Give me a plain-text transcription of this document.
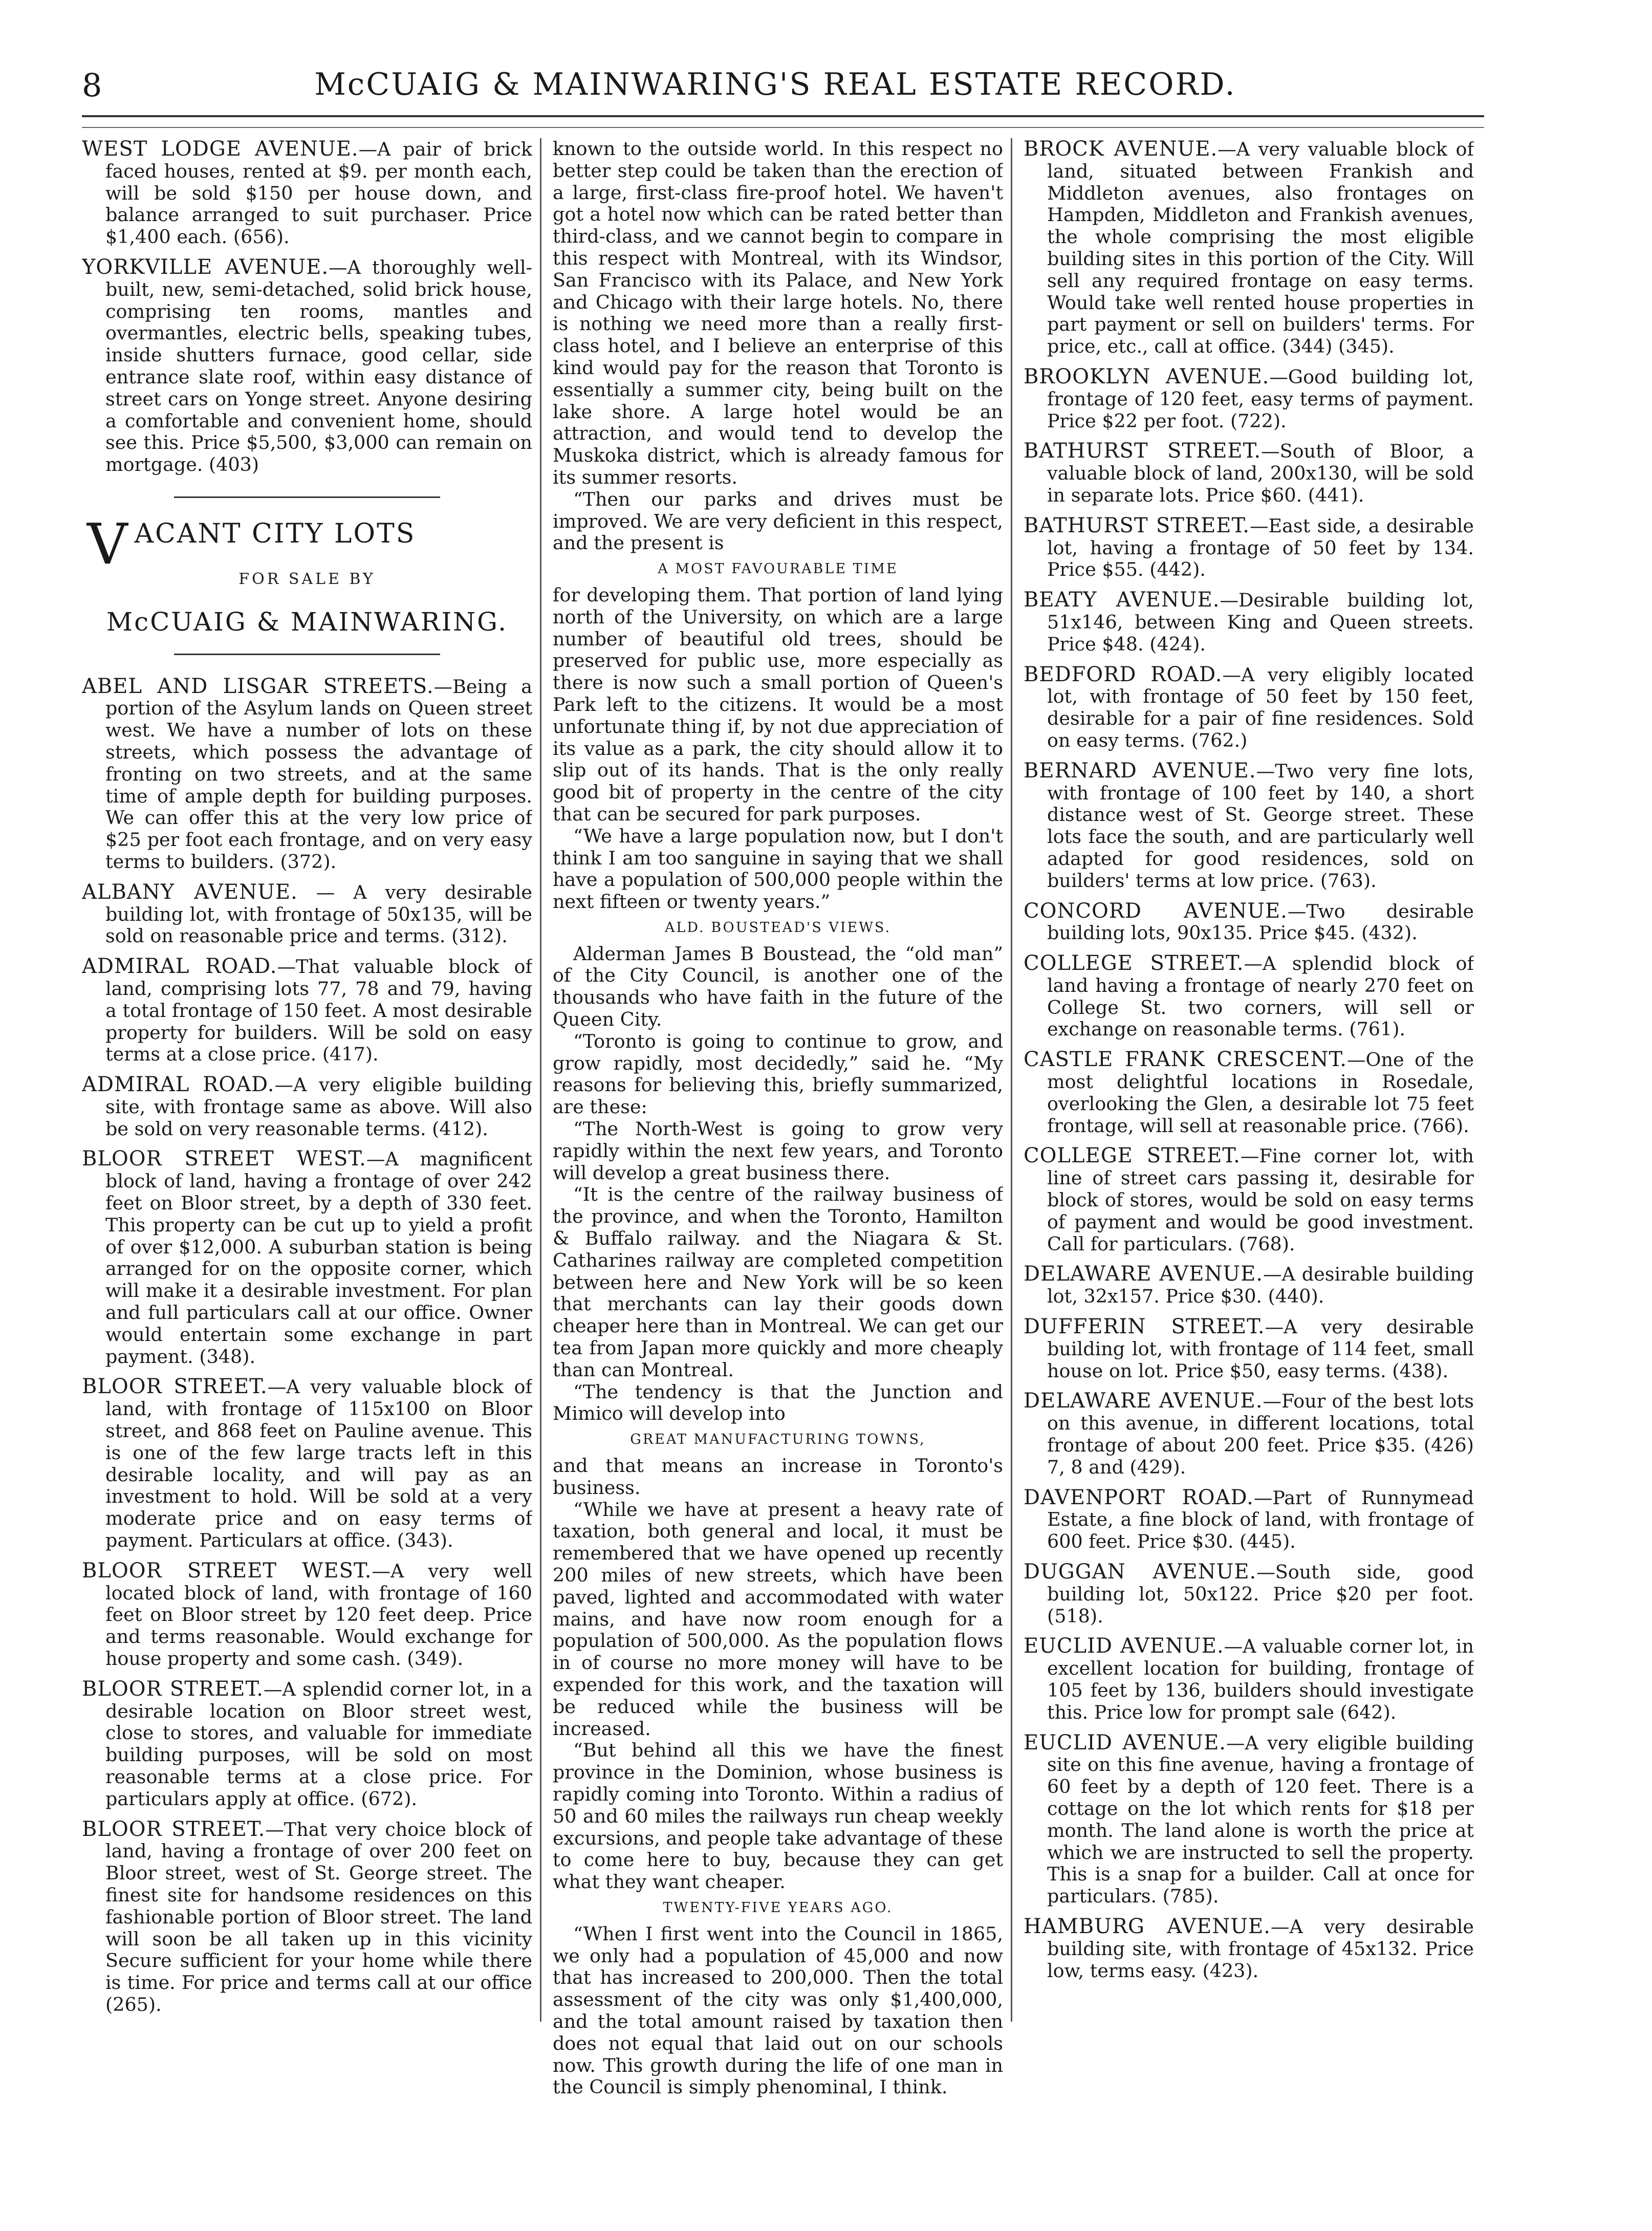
8	McCUAIG & MAINWARING'S REAL ESTATE RECORD.
WEST LODGE AVENUE.—A pair of brick faced houses, rented at $9. per month each, will be sold $150 per house down, and balance arranged to suit purchaser. Price $1,400 each. (656).
YORKVILLE AVENUE.—A thoroughly well-built, new, semi-detached, solid brick house, comprising ten rooms, mantles and overmantles, electric bells, speaking tubes, inside shutters furnace, good cellar, side entrance slate roof, within easy distance of street cars on Yonge street. Anyone desiring a comfortable and convenient home, should see this. Price $5,500, $3,000 can remain on mortgage. (403)
VACANT CITY LOTS
FOR SALE BY
McCUAIG & MAINWARING.
ABEL AND LISGAR STREETS.—Being a portion of the Asylum lands on Queen street west. We have a number of lots on these streets, which possess the advantage of fronting on two streets, and at the same time of ample depth for building purposes. We can offer this at the very low price of $25 per foot each frontage, and on very easy terms to builders. (372).
ALBANY AVENUE. — A very desirable building lot, with frontage of 50x135, will be sold on reasonable price and terms. (312).
ADMIRAL ROAD.—That valuable block of land, comprising lots 77, 78 and 79, having a total frontage of 150 feet. A most desirable property for builders. Will be sold on easy terms at a close price. (417).
ADMIRAL ROAD.—A very eligible building site, with frontage same as above. Will also be sold on very reasonable terms. (412).
BLOOR STREET WEST.—A magnificent block of land, having a frontage of over 242 feet on Bloor street, by a depth of 330 feet. This property can be cut up to yield a profit of over $12,000. A suburban station is being arranged for on the opposite corner, which will make it a desirable investment. For plan and full particulars call at our office. Owner would entertain some exchange in part payment. (348).
BLOOR STREET.—A very valuable block of land, with frontage of 115x100 on Bloor street, and 868 feet on Pauline avenue. This is one of the few large tracts left in this desirable locality, and will pay as an investment to hold. Will be sold at a very moderate price and on easy terms of payment. Particulars at office. (343).
BLOOR STREET WEST.—A very well located block of land, with frontage of 160 feet on Bloor street by 120 feet deep. Price and terms reasonable. Would exchange for house property and some cash. (349).
BLOOR STREET.—A splendid corner lot, in a desirable location on Bloor street west, close to stores, and valuable for immediate building purposes, will be sold on most reasonable terms at a close price. For particulars apply at office. (672).
BLOOR STREET.—That very choice block of land, having a frontage of over 200 feet on Bloor street, west of St. George street. The finest site for handsome residences on this fashionable portion of Bloor street. The land will soon be all taken up in this vicinity Secure sufficient for your home while there is time. For price and terms call at our office (265).

known to the outside world. In this respect no better step could be taken than the erection of a large, first-class fire-proof hotel. We haven't got a hotel now which can be rated better than third-class, and we cannot begin to compare in this respect with Montreal, with its Windsor, San Francisco with its Palace, and New York and Chicago with their large hotels. No, there is nothing we need more than a really first-class hotel, and I believe an enterprise of this kind would pay for the reason that Toronto is essentially a summer city, being built on the lake shore. A large hotel would be an attraction, and would tend to develop the Muskoka district, which is already famous for its summer resorts.

“Then our parks and drives must be improved. We are very deficient in this respect, and the present is

A MOST FAVOURABLE TIME

for developing them. That portion of land lying north of the University, on which are a large number of beautiful old trees, should be preserved for public use, more especially as there is now such a small portion of Queen's Park left to the citizens. It would be a most unfortunate thing if, by not due appreciation of its value as a park, the city should allow it to slip out of its hands. That is the only really good bit of property in the centre of the city that can be secured for park purposes.

“We have a large population now, but I don't think I am too sanguine in saying that we shall have a population of 500,000 people within the next fifteen or twenty years.”

ALD. BOUSTEAD'S VIEWS.

Alderman James B Boustead, the “old man” of the City Council, is another one of the thousands who have faith in the future of the Queen City.

“Toronto is going to continue to grow, and grow rapidly, most decidedly,” said he. “My reasons for believing this, briefly summarized, are these:

“The North-West is going to grow very rapidly within the next few years, and Toronto will develop a great business there.

“It is the centre of the railway business of the province, and when the Toronto, Hamilton & Buffalo railway. and the Niagara & St. Catharines railway are completed competition between here and New York will be so keen that merchants can lay their goods down cheaper here than in Montreal. We can get our tea from Japan more quickly and more cheaply than can Montreal.

“The tendency is that the Junction and Mimico will develop into

GREAT MANUFACTURING TOWNS,

and that means an increase in Toronto's business.

“While we have at present a heavy rate of taxation, both general and local, it must be remembered that we have opened up recently 200 miles of new streets, which have been paved, lighted and accommodated with water mains, and have now room enough for a population of 500,000. As the population flows in of course no more money will have to be expended for this work, and the taxation will be reduced while the business will be increased.

“But behind all this we have the finest province in the Dominion, whose business is rapidly coming into Toronto. Within a radius of 50 and 60 miles the railways run cheap weekly excursions, and people take advantage of these to come here to buy, because they can get what they want cheaper.

TWENTY-FIVE YEARS AGO.

“When I first went into the Council in 1865, we only had a population of 45,000 and now that has increased to 200,000. Then the total assessment of the city was only $1,400,000, and the total amount raised by taxation then does not equal that laid out on our schools now. This growth during the life of one man in the Council is simply phenominal, I think.

BROCK AVENUE.—A very valuable block of land, situated between Frankish and Middleton avenues, also frontages on Hampden, Middleton and Frankish avenues, the whole comprising the most eligible building sites in this portion of the City. Will sell any required frontage on easy terms. Would take well rented house properties in part payment or sell on builders' terms. For price, etc., call at office. (344) (345).
BROOKLYN AVENUE.—Good building lot, frontage of 120 feet, easy terms of payment. Price $22 per foot. (722).
BATHURST STREET.—South of Bloor, a valuable block of land, 200x130, will be sold in separate lots. Price $60. (441).
BATHURST STREET.—East side, a desirable lot, having a frontage of 50 feet by 134. Price $55. (442).
BEATY AVENUE.—Desirable building lot, 51x146, between King and Queen streets. Price $48. (424).
BEDFORD ROAD.—A very eligibly located lot, with frontage of 50 feet by 150 feet, desirable for a pair of fine residences. Sold on easy terms. (762.)
BERNARD AVENUE.—Two very fine lots, with frontage of 100 feet by 140, a short distance west of St. George street. These lots face the south, and are particularly well adapted for good residences, sold on builders' terms at low price. (763).
CONCORD AVENUE.—Two desirable building lots, 90x135. Price $45. (432).
COLLEGE STREET.—A splendid block of land having a frontage of nearly 270 feet on College St. two corners, will sell or exchange on reasonable terms. (761).
CASTLE FRANK CRESCENT.—One of the most delightful locations in Rosedale, overlooking the Glen, a desirable lot 75 feet frontage, will sell at reasonable price. (766).
COLLEGE STREET.—Fine corner lot, with line of street cars passing it, desirable for block of stores, would be sold on easy terms of payment and would be good investment. Call for particulars. (768).
DELAWARE AVENUE.—A desirable building lot, 32x157. Price $30. (440).
DUFFERIN STREET.—A very desirable building lot, with frontage of 114 feet, small house on lot. Price $50, easy terms. (438).
DELAWARE AVENUE.—Four of the best lots on this avenue, in different locations, total frontage of about 200 feet. Price $35. (426) 7, 8 and (429).
DAVENPORT ROAD.—Part of Runnymead Estate, a fine block of land, with frontage of 600 feet. Price $30. (445).
DUGGAN AVENUE.—South side, good building lot, 50x122. Price $20 per foot. (518).
EUCLID AVENUE.—A valuable corner lot, in excellent location for building, frontage of 105 feet by 136, builders should investigate this. Price low for prompt sale (642).
EUCLID AVENUE.—A very eligible building site on this fine avenue, having a frontage of 60 feet by a depth of 120 feet. There is a cottage on the lot which rents for $18 per month. The land alone is worth the price at which we are instructed to sell the property. This is a snap for a builder. Call at once for particulars. (785).
HAMBURG AVENUE.—A very desirable building site, with frontage of 45x132. Price low, terms easy. (423).
